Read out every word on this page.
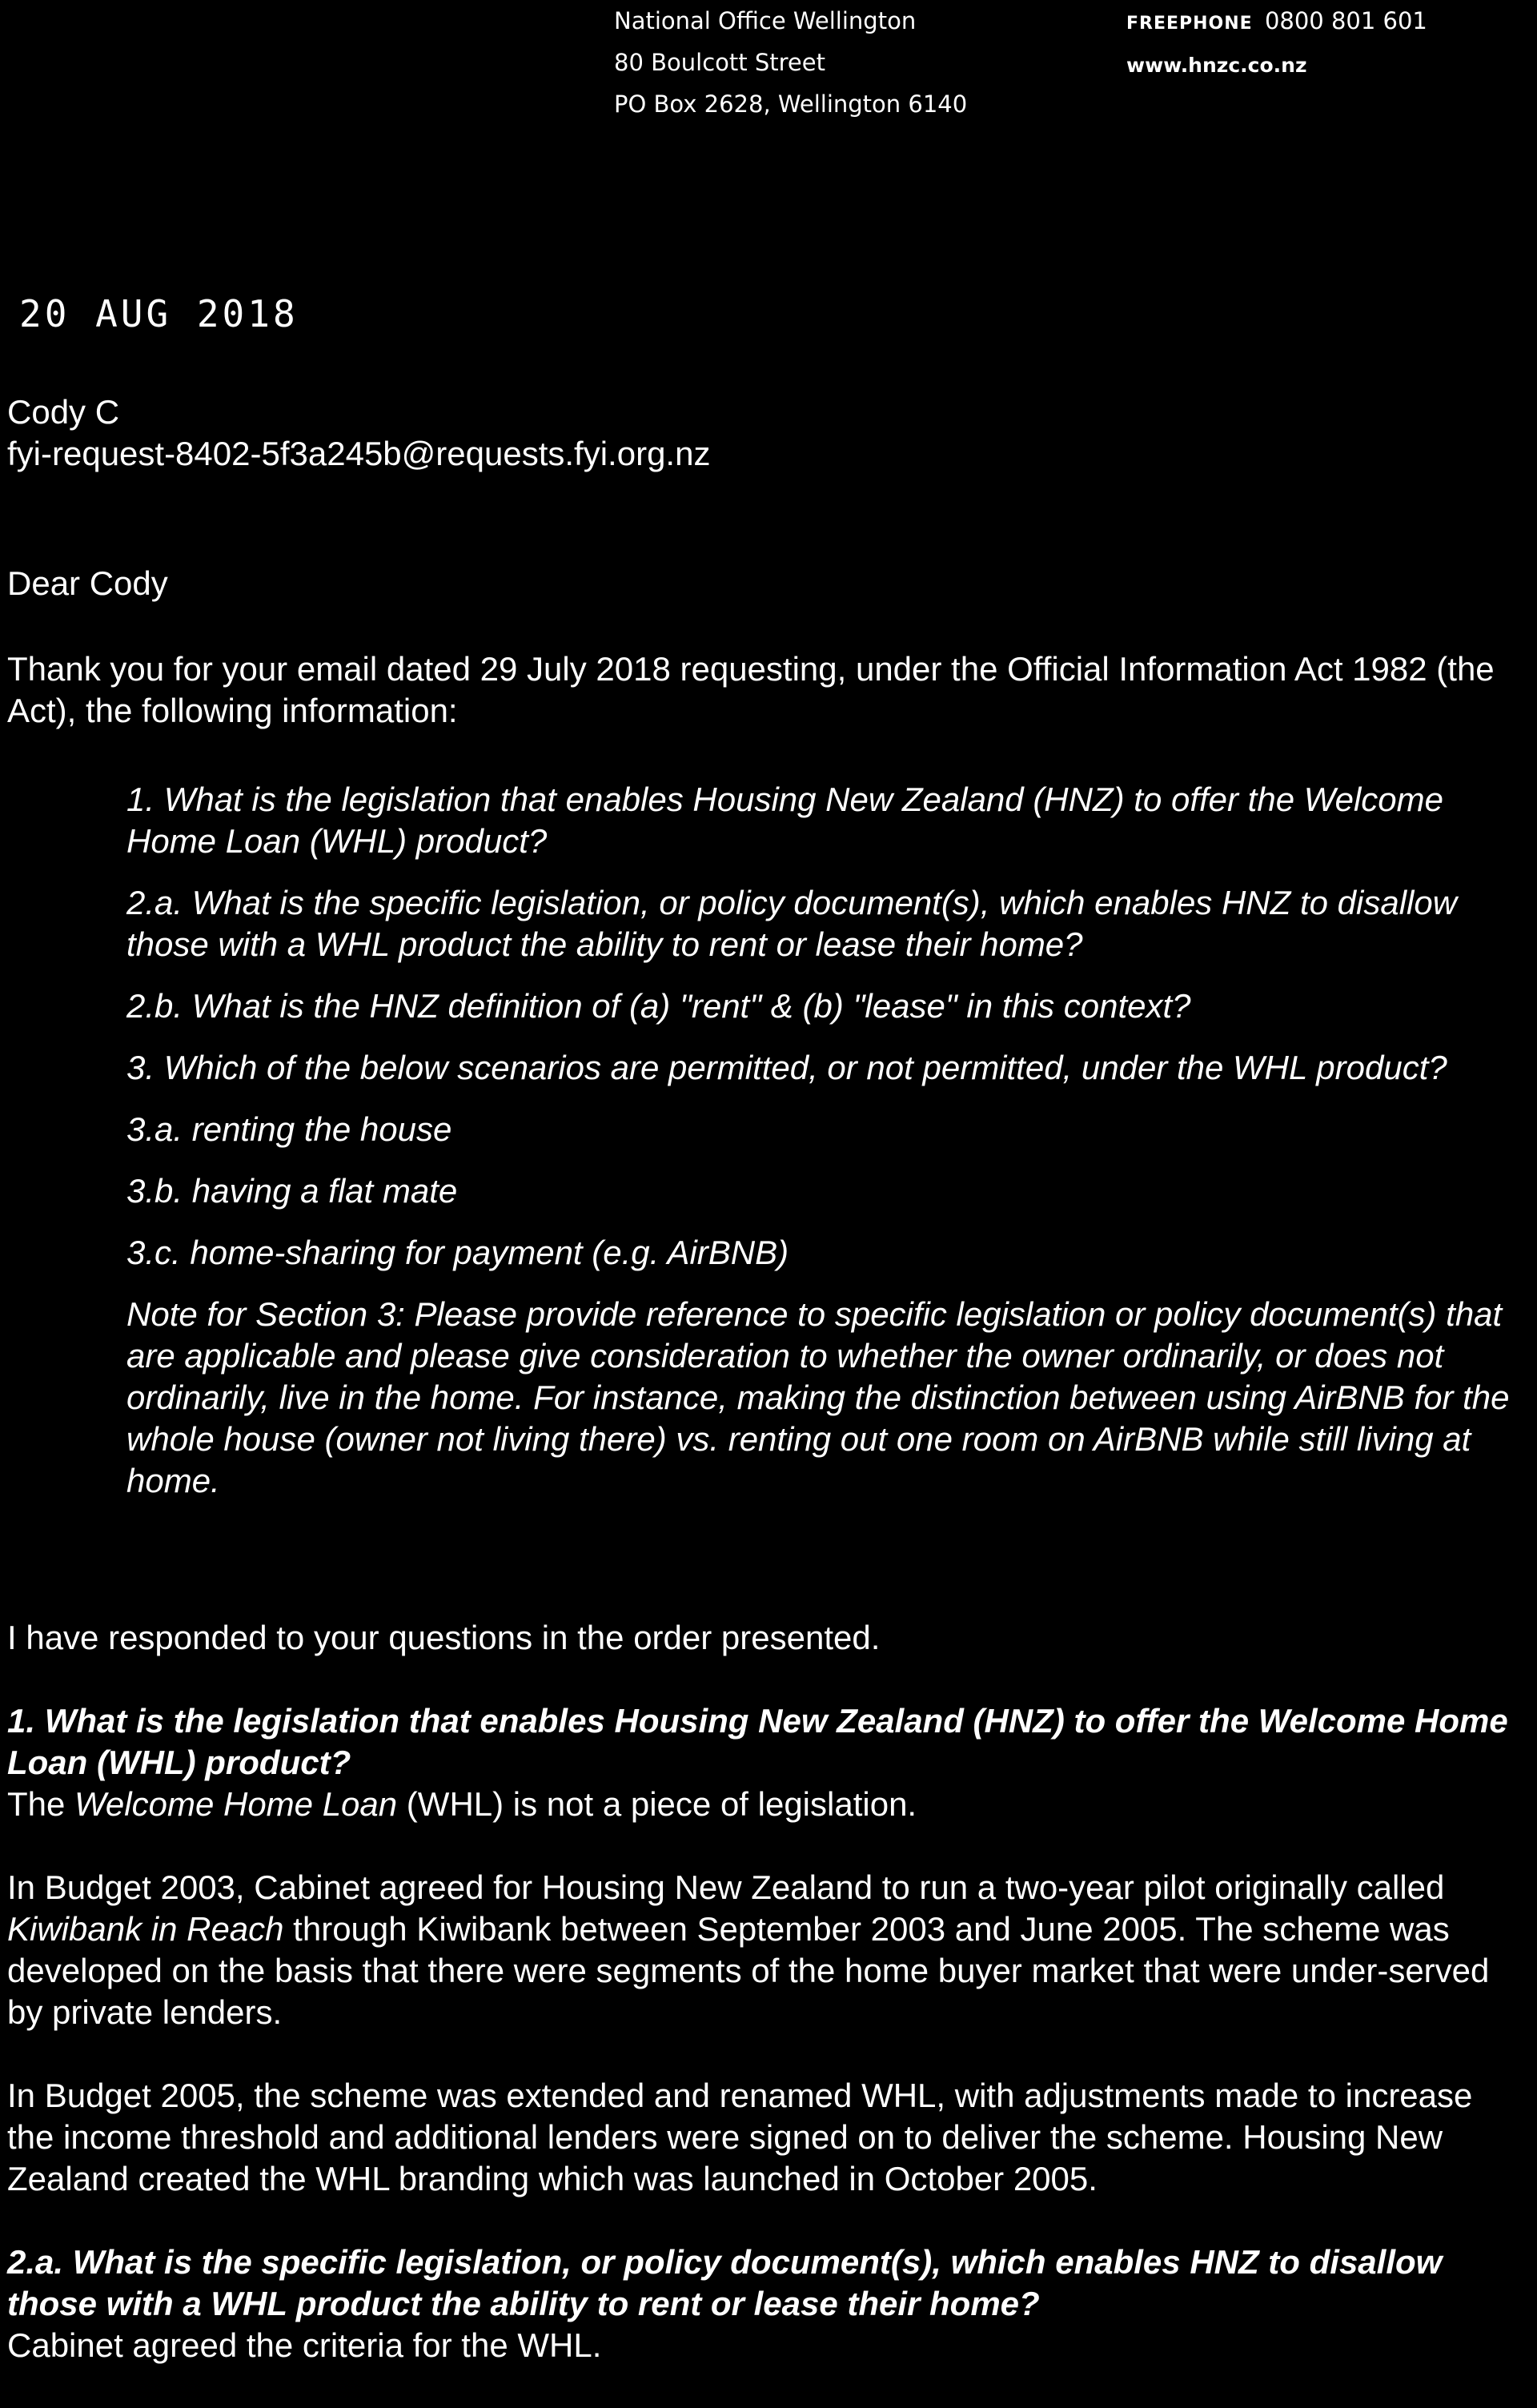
National Office Wellington
80 Boulcott Street
PO Box 2628, Wellington 6140
FREEPHONE 0800 801 601
www.hnzc.co.nz
20 AUG 2018
Cody C
fyi-request-8402-5f3a245b@requests.fyi.org.nz
Dear Cody
Thank you for your email dated 29 July 2018 requesting, under the Official Information Act 1982 (the Act), the following information:

1. What is the legislation that enables Housing New Zealand (HNZ) to offer the Welcome Home Loan (WHL) product?

2.a. What is the specific legislation, or policy document(s), which enables HNZ to disallow those with a WHL product the ability to rent or lease their home?

2.b. What is the HNZ definition of (a) "rent" & (b) "lease" in this context?

3. Which of the below scenarios are permitted, or not permitted, under the WHL product?

3.a. renting the house

3.b. having a flat mate

3.c. home-sharing for payment (e.g. AirBNB)

Note for Section 3: Please provide reference to specific legislation or policy document(s) that are applicable and please give consideration to whether the owner ordinarily, or does not ordinarily, live in the home. For instance, making the distinction between using AirBNB for the whole house (owner not living there) vs. renting out one room on AirBNB while still living at home.

I have responded to your questions in the order presented.

1. What is the legislation that enables Housing New Zealand (HNZ) to offer the Welcome Home Loan (WHL) product?

The Welcome Home Loan (WHL) is not a piece of legislation.

In Budget 2003, Cabinet agreed for Housing New Zealand to run a two-year pilot originally called Kiwibank in Reach through Kiwibank between September 2003 and June 2005. The scheme was developed on the basis that there were segments of the home buyer market that were under-served by private lenders.

In Budget 2005, the scheme was extended and renamed WHL, with adjustments made to increase the income threshold and additional lenders were signed on to deliver the scheme. Housing New Zealand created the WHL branding which was launched in October 2005.

2.a. What is the specific legislation, or policy document(s), which enables HNZ to disallow those with a WHL product the ability to rent or lease their home?

Cabinet agreed the criteria for the WHL.
